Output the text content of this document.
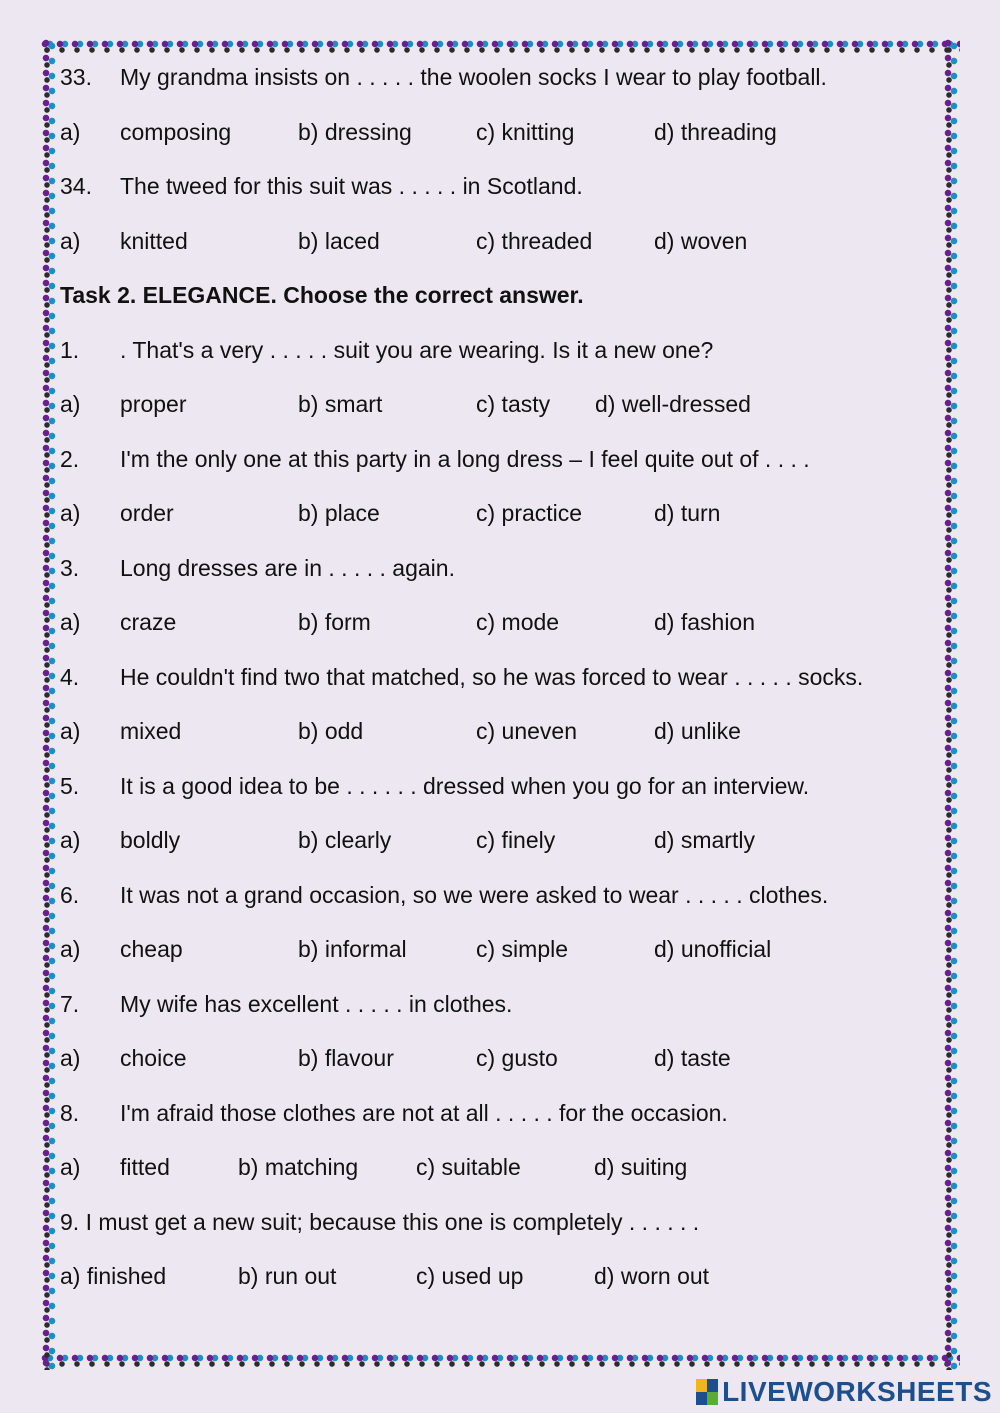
33. My grandma insists on . . . . . the woolen socks I wear to play football.
a) composing	b) dressing	c) knitting	d) threading
34. The tweed for this suit was . . . . . in Scotland.
a) knitted	b) laced	c) threaded	d) woven
Task 2. ELEGANCE. Choose the correct answer.
1. . That's a very . . . . . suit you are wearing. Is it a new one?
a) proper	b) smart	c) tasty d) well-dressed
2. I'm the only one at this party in a long dress – I feel quite out of . . . .
a) order	b) place	c) practice	d) turn
3. Long dresses are in . . . . . again.
a) craze	b) form	c) mode	d) fashion
4. He couldn't find two that matched, so he was forced to wear . . . . . socks.
a) mixed	b) odd	c) uneven	d) unlike
5. It is a good idea to be . . . . . . dressed when you go for an interview.
a) boldly	b) clearly	c) finely	d) smartly
6. It was not a grand occasion, so we were asked to wear . . . . . clothes.
a) cheap	b) informal	c) simple	d) unofficial
7. My wife has excellent . . . . . in clothes.
a) choice	b) flavour	c) gusto	d) taste
8. I'm afraid those clothes are not at all . . . . . for the occasion.
a) fitted	b) matching	c) suitable	d) suiting
9. I must get a new suit; because this one is completely . . . . . .
a) finished	b) run out	c) used up	d) worn out
LIVEWORKSHEETS
